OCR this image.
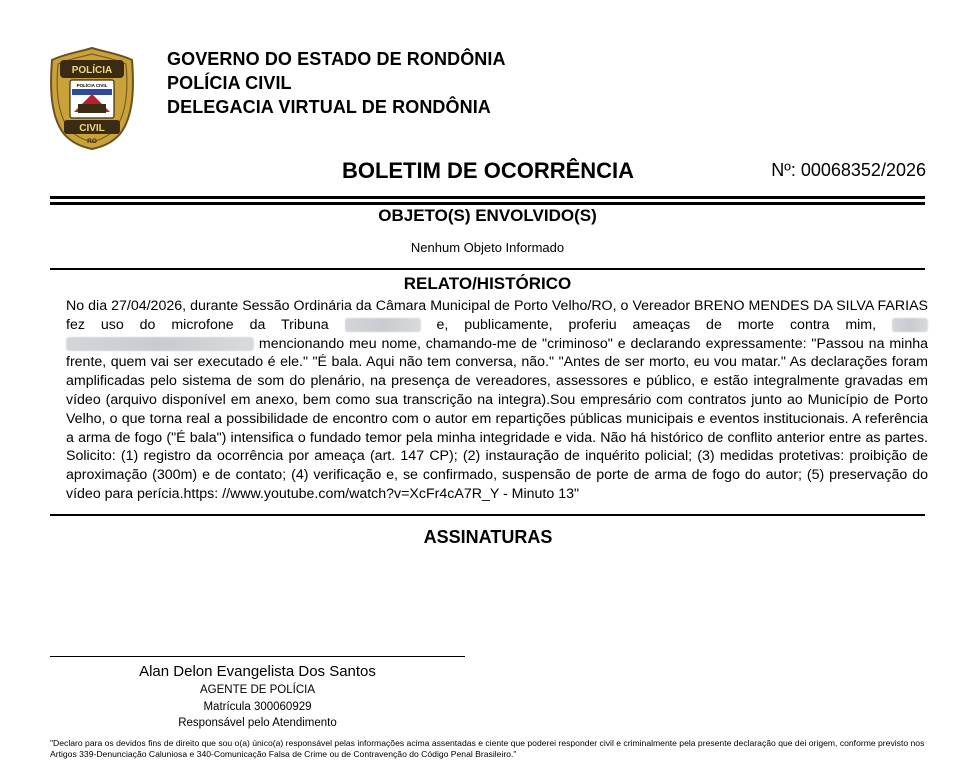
POLÍCIA
POLÍCIA CIVIL
CIVIL
RO
GOVERNO DO ESTADO DE RONDÔNIA
POLÍCIA CIVIL
DELEGACIA VIRTUAL DE RONDÔNIA
BOLETIM DE OCORRÊNCIA	Nº: 00068352/2026
OBJETO(S) ENVOLVIDO(S)
Nenhum Objeto Informado
RELATO/HISTÓRICO
No dia 27/04/2026, durante Sessão Ordinária da Câmara Municipal de Porto Velho/RO, o Vereador BRENO MENDES DA SILVA FARIAS fez uso do microfone da Tribuna	e, publicamente, proferiu ameaças de morte contra mim,   mencionando meu nome, chamando-me de "criminoso" e declarando expressamente: "Passou na minha frente, quem vai ser executado é ele." "É bala. Aqui não tem conversa, não." "Antes de ser morto, eu vou matar." As declarações foram amplificadas pelo sistema de som do plenário, na presença de vereadores, assessores e público, e estão integralmente gravadas em vídeo (arquivo disponível em anexo, bem como sua transcrição na integra).Sou empresário com contratos junto ao Município de Porto Velho, o que torna real a possibilidade de encontro com o autor em repartições públicas municipais e eventos institucionais. A referência a arma de fogo ("É bala") intensifica o fundado temor pela minha integridade e vida. Não há histórico de conflito anterior entre as partes. Solicito: (1) registro da ocorrência por ameaça (art. 147 CP); (2) instauração de inquérito policial; (3) medidas protetivas: proibição de aproximação (300m) e de contato; (4) verificação e, se confirmado, suspensão de porte de arma de fogo do autor; (5) preservação do vídeo para perícia.https: //www.youtube.com/watch?v=XcFr4cA7R_Y - Minuto 13"
ASSINATURAS
Alan Delon Evangelista Dos Santos
AGENTE DE POLÍCIA
Matrícula 300060929
Responsável pelo Atendimento
"Declaro para os devidos fins de direito que sou o(a) único(a) responsável pelas informações acima assentadas e ciente que poderei responder civil e criminalmente pela presente declaração que dei origem, conforme previsto nos Artigos 339-Denunciação Caluniosa e 340-Comunicação Falsa de Crime ou de Contravenção do Código Penal Brasileiro."
